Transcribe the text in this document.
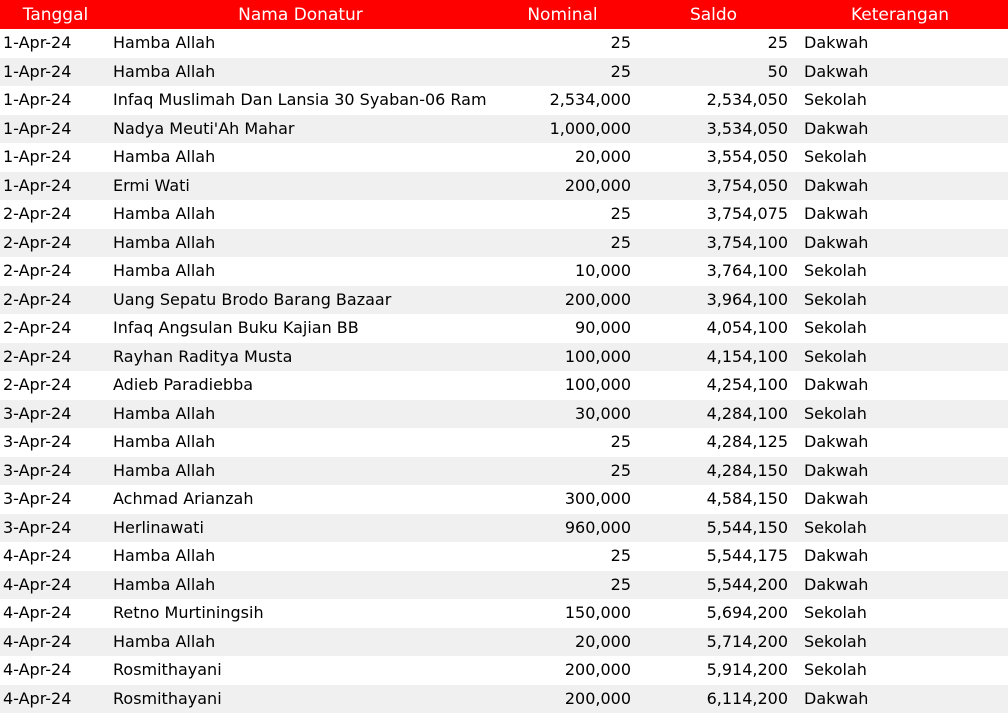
Tanggal	Nama Donatur	Nominal	Saldo	Keterangan
1-Apr-24	Hamba Allah	25	25	Dakwah
1-Apr-24	Hamba Allah	25	50	Dakwah
1-Apr-24	Infaq Muslimah Dan Lansia 30 Syaban-06 Ram	2,534,000	2,534,050	Sekolah
1-Apr-24	Nadya Meuti'Ah Mahar	1,000,000	3,534,050	Dakwah
1-Apr-24	Hamba Allah	20,000	3,554,050	Sekolah
1-Apr-24	Ermi Wati	200,000	3,754,050	Dakwah
2-Apr-24	Hamba Allah	25	3,754,075	Dakwah
2-Apr-24	Hamba Allah	25	3,754,100	Dakwah
2-Apr-24	Hamba Allah	10,000	3,764,100	Sekolah
2-Apr-24	Uang Sepatu Brodo Barang Bazaar	200,000	3,964,100	Sekolah
2-Apr-24	Infaq Angsulan Buku Kajian BB	90,000	4,054,100	Sekolah
2-Apr-24	Rayhan Raditya Musta	100,000	4,154,100	Sekolah
2-Apr-24	Adieb Paradiebba	100,000	4,254,100	Dakwah
3-Apr-24	Hamba Allah	30,000	4,284,100	Sekolah
3-Apr-24	Hamba Allah	25	4,284,125	Dakwah
3-Apr-24	Hamba Allah	25	4,284,150	Dakwah
3-Apr-24	Achmad Arianzah	300,000	4,584,150	Dakwah
3-Apr-24	Herlinawati	960,000	5,544,150	Sekolah
4-Apr-24	Hamba Allah	25	5,544,175	Dakwah
4-Apr-24	Hamba Allah	25	5,544,200	Dakwah
4-Apr-24	Retno Murtiningsih	150,000	5,694,200	Sekolah
4-Apr-24	Hamba Allah	20,000	5,714,200	Sekolah
4-Apr-24	Rosmithayani	200,000	5,914,200	Sekolah
4-Apr-24	Rosmithayani	200,000	6,114,200	Dakwah
